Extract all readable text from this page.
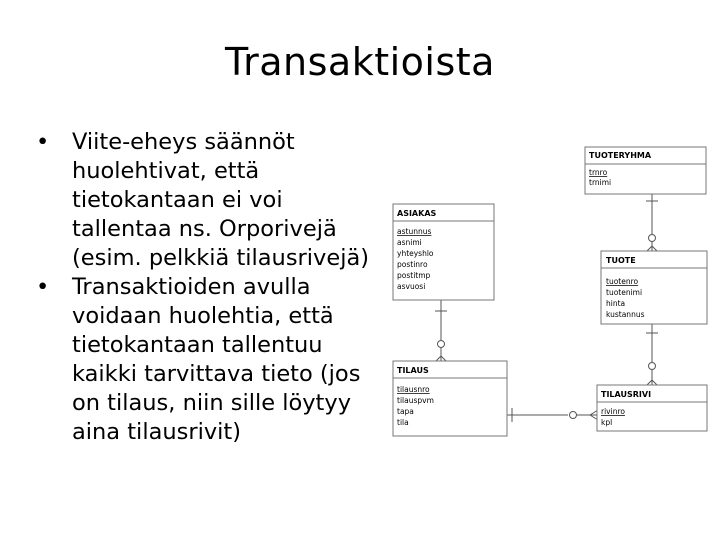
Transaktioista
• Viite-eheys säännöt
huolehtivat, että
tietokantaan ei voi
tallentaa ns. Orporivejä
(esim. pelkkiä tilausrivejä)
• Transaktioiden avulla
voidaan huolehtia, että
tietokantaan tallentuu
kaikki tarvittava tieto (jos
on tilaus, niin sille löytyy
aina tilausrivit)
TUOTERYHMA
trnro
trnimi
ASIAKAS
astunnus
asnimi
yhteyshlo
postinro
postitmp
asvuosi
TUOTE
tuotenro
tuotenimi
hinta
kustannus
TILAUS
tilausnro
tilauspvm
tapa
tila
TILAUSRIVI
rivinro
kpl
